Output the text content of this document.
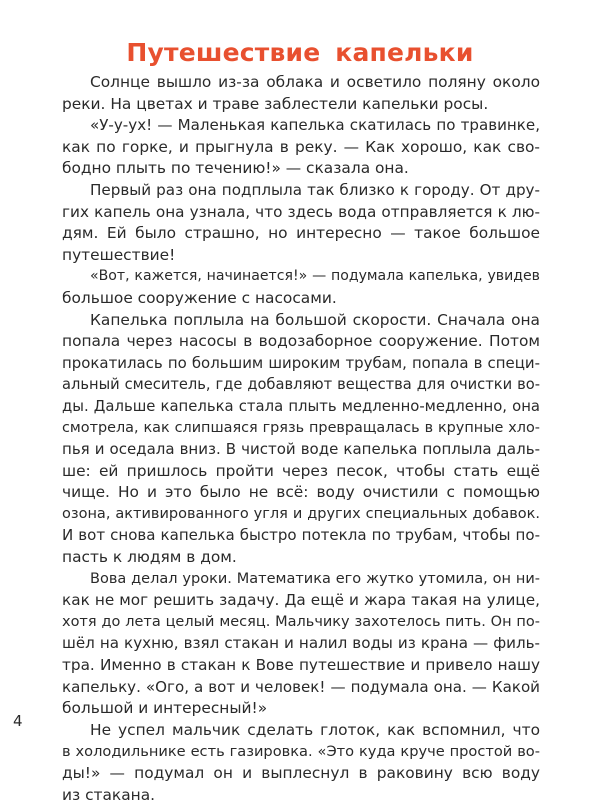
Путешествие капельки
Солнце вышло из-за облака и осветило поляну около
реки. На цветах и траве заблестели капельки росы.
«У-у-ух! — Маленькая капелька скатилась по травинке,
как по горке, и прыгнула в реку. — Как хорошо, как сво-
бодно плыть по течению!» — сказала она.
Первый раз она подплыла так близко к городу. От дру-
гих капель она узнала, что здесь вода отправляется к лю-
дям. Ей было страшно, но интересно — такое большое
путешествие!
«Вот, кажется, начинается!» — подумала капелька, увидев
большое сооружение с насосами.
Капелька поплыла на большой скорости. Сначала она
попала через насосы в водозаборное сооружение. Потом
прокатилась по большим широким трубам, попала в специ-
альный смеситель, где добавляют вещества для очистки во-
ды. Дальше капелька стала плыть медленно-медленно, она
смотрела, как слипшаяся грязь превращалась в крупные хло-
пья и оседала вниз. В чистой воде капелька поплыла даль-
ше: ей пришлось пройти через песок, чтобы стать ещё
чище. Но и это было не всё: воду очистили с помощью
озона, активированного угля и других специальных добавок.
И вот снова капелька быстро потекла по трубам, чтобы по-
пасть к людям в дом.
Вова делал уроки. Математика его жутко утомила, он ни-
как не мог решить задачу. Да ещё и жара такая на улице,
хотя до лета целый месяц. Мальчику захотелось пить. Он по-
шёл на кухню, взял стакан и налил воды из крана — филь-
тра. Именно в стакан к Вове путешествие и привело нашу
капельку. «Ого, а вот и человек! — подумала она. — Какой
большой и интересный!»
Не успел мальчик сделать глоток, как вспомнил, что
в холодильнике есть газировка. «Это куда круче простой во-
ды!» — подумал он и выплеснул в раковину всю воду
из стакана.
4
